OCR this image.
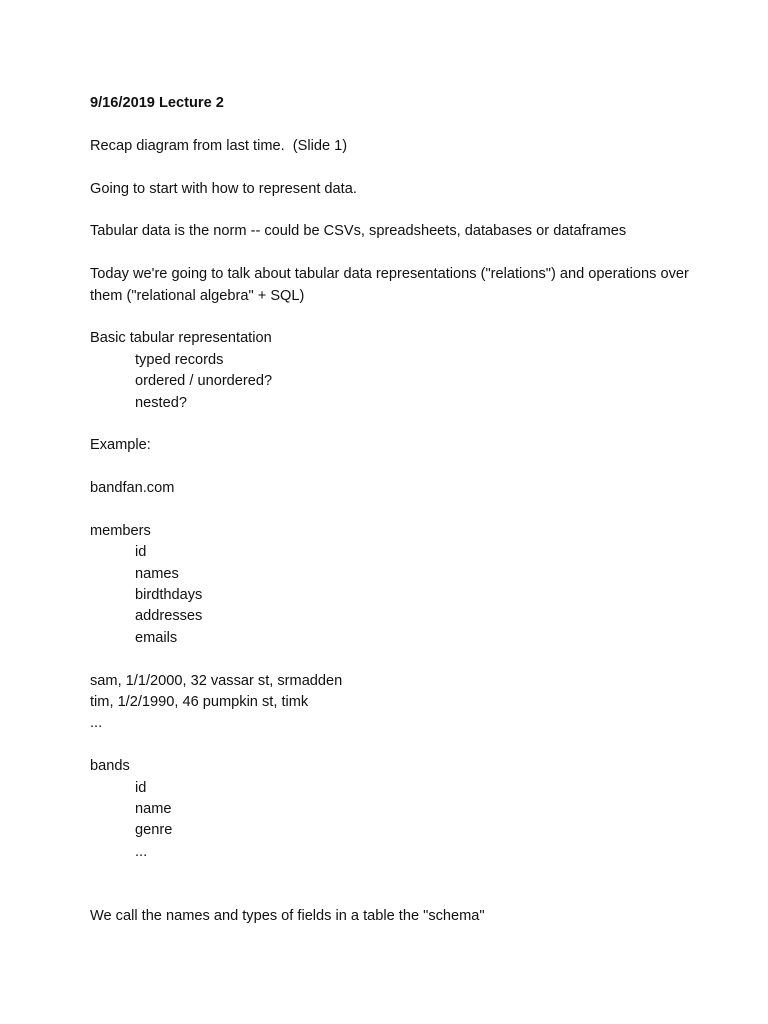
9/16/2019 Lecture 2
Recap diagram from last time.  (Slide 1)
Going to start with how to represent data.
Tabular data is the norm -- could be CSVs, spreadsheets, databases or dataframes
Today we're going to talk about tabular data representations ("relations") and operations over them ("relational algebra" + SQL)
Basic tabular representation
typed records
ordered / unordered?
nested?
Example:
bandfan.com
members
id
names
birdthdays
addresses
emails
sam, 1/1/2000, 32 vassar st, srmadden
tim, 1/2/1990, 46 pumpkin st, timk
...
bands
id
name
genre
...
We call the names and types of fields in a table the "schema"
